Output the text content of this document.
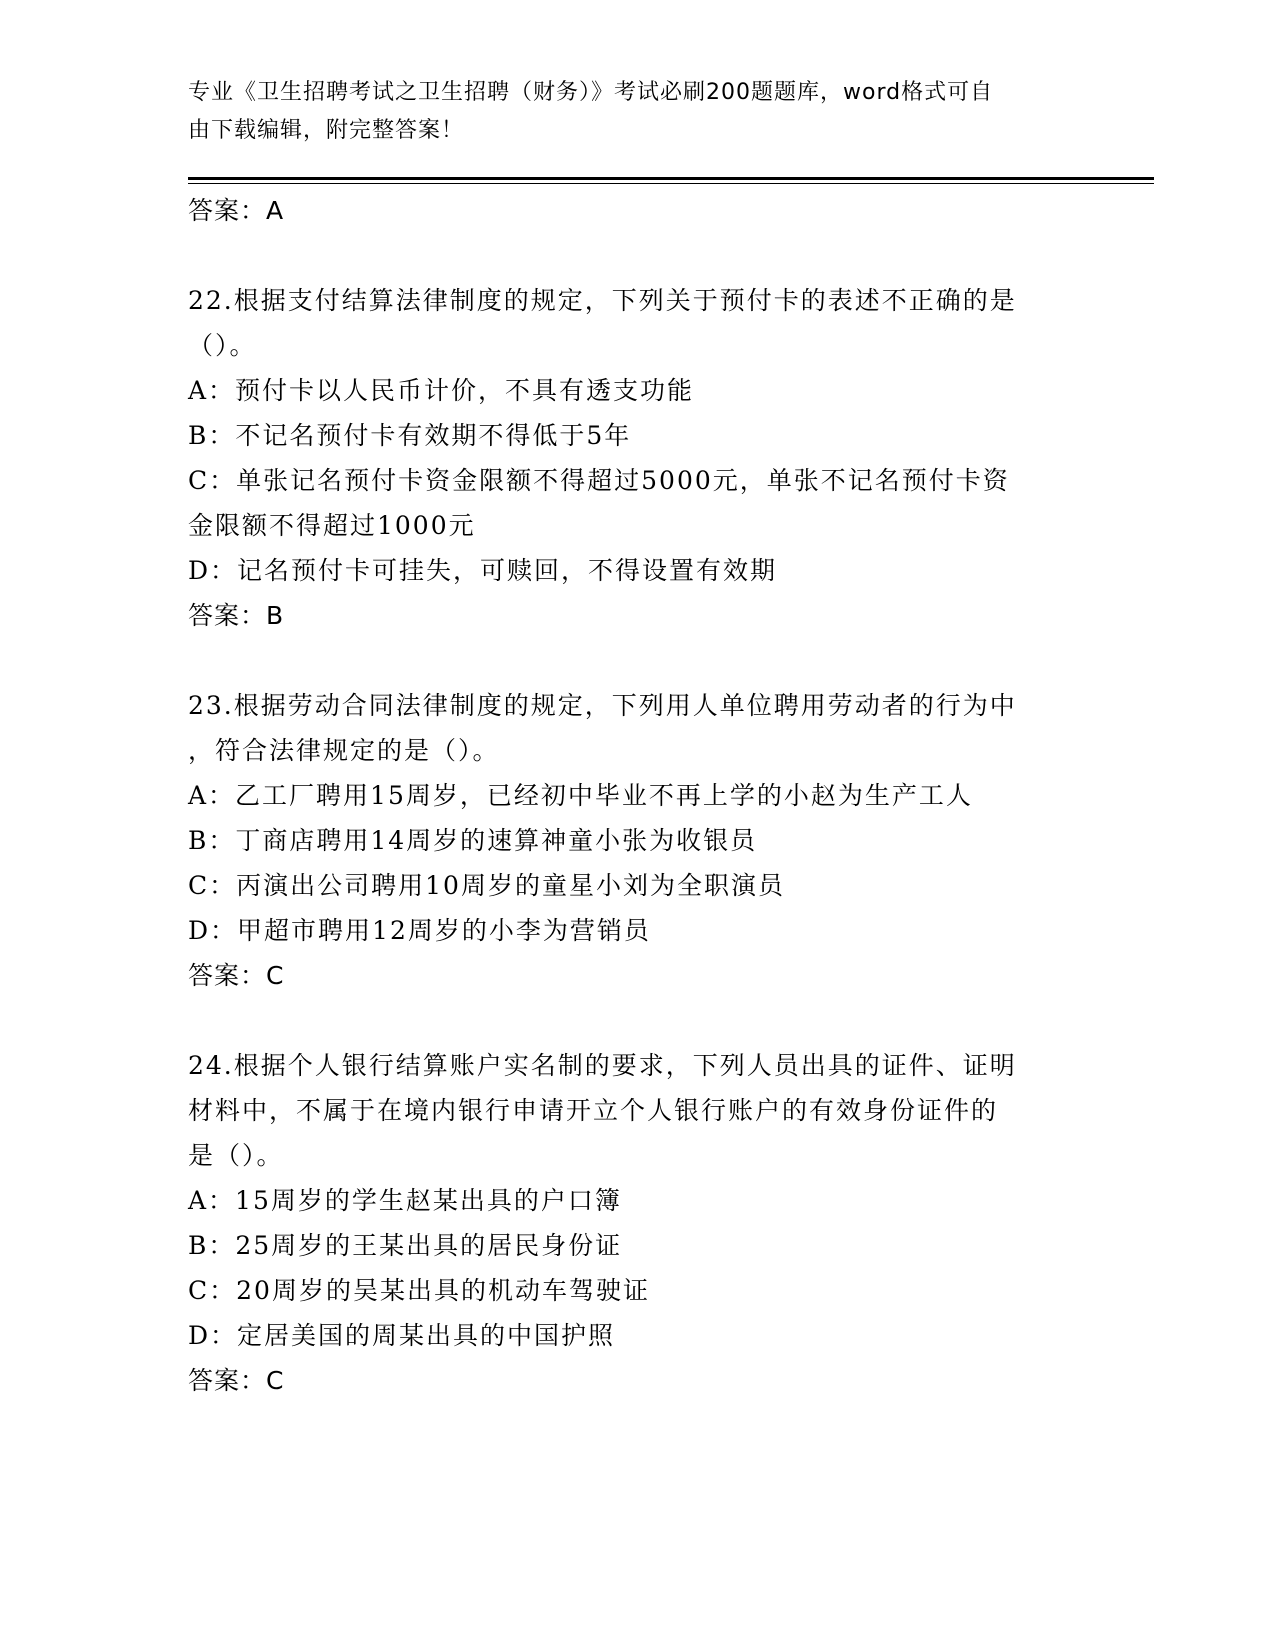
专业《卫生招聘考试之卫生招聘（财务）》考试必刷200题题库，word格式可自
由下载编辑，附完整答案！
答案：A
22.根据支付结算法律制度的规定，下列关于预付卡的表述不正确的是
（）。
A：预付卡以人民币计价，不具有透支功能
B：不记名预付卡有效期不得低于5年
C：单张记名预付卡资金限额不得超过5000元，单张不记名预付卡资
金限额不得超过1000元
D：记名预付卡可挂失，可赎回，不得设置有效期
答案：B
23.根据劳动合同法律制度的规定，下列用人单位聘用劳动者的行为中
，符合法律规定的是（）。
A：乙工厂聘用15周岁，已经初中毕业不再上学的小赵为生产工人
B：丁商店聘用14周岁的速算神童小张为收银员
C：丙演出公司聘用10周岁的童星小刘为全职演员
D：甲超市聘用12周岁的小李为营销员
答案：C
24.根据个人银行结算账户实名制的要求，下列人员出具的证件、证明
材料中，不属于在境内银行申请开立个人银行账户的有效身份证件的
是（）。
A：15周岁的学生赵某出具的户口簿
B：25周岁的王某出具的居民身份证
C：20周岁的吴某出具的机动车驾驶证
D：定居美国的周某出具的中国护照
答案：C
